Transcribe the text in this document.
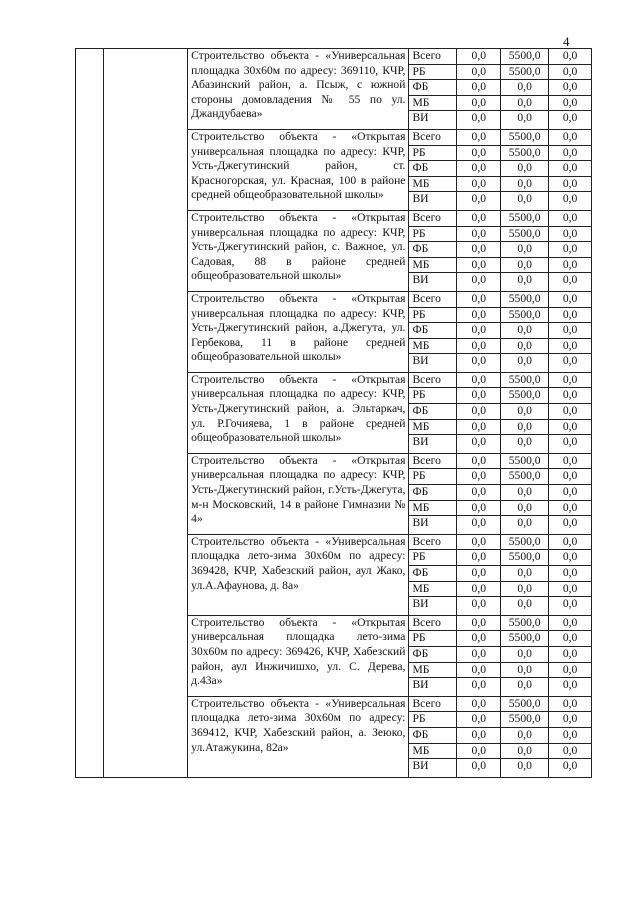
4
		Строительство объекта - «Универсальная площадка 30х60м по адресу: 369110, КЧР, Абазинский район, а. Псыж, с южной стороны домовладения № 55 по ул. Джандубаева»	Всего	0,0	5500,0	0,0
			РБ	0,0	5500,0	0,0
			ФБ	0,0	0,0	0,0
			МБ	0,0	0,0	0,0
			ВИ	0,0	0,0	0,0
		Строительство объекта - «Открытая универсальная площадка по адресу: КЧР, Усть-Джегутинский район, ст. Красногорская, ул. Красная, 100 в районе средней общеобразовательной школы»	Всего	0,0	5500,0	0,0
			РБ	0,0	5500,0	0,0
			ФБ	0,0	0,0	0,0
			МБ	0,0	0,0	0,0
			ВИ	0,0	0,0	0,0
		Строительство объекта - «Открытая универсальная площадка по адресу: КЧР, Усть-Джегутинский район, с. Важное, ул. Садовая, 88 в районе средней общеобразовательной школы»	Всего	0,0	5500,0	0,0
			РБ	0,0	5500,0	0,0
			ФБ	0,0	0,0	0,0
			МБ	0,0	0,0	0,0
			ВИ	0,0	0,0	0,0
		Строительство объекта - «Открытая универсальная площадка по адресу: КЧР, Усть-Джегутинский район, а.Джегута, ул. Гербекова, 11 в районе средней общеобразовательной школы»	Всего	0,0	5500,0	0,0
			РБ	0,0	5500,0	0,0
			ФБ	0,0	0,0	0,0
			МБ	0,0	0,0	0,0
			ВИ	0,0	0,0	0,0
		Строительство объекта - «Открытая универсальная площадка по адресу: КЧР, Усть-Джегутинский район, а. Эльтаркач, ул. Р.Гочияева, 1 в районе средней общеобразовательной школы»	Всего	0,0	5500,0	0,0
			РБ	0,0	5500,0	0,0
			ФБ	0,0	0,0	0,0
			МБ	0,0	0,0	0,0
			ВИ	0,0	0,0	0,0
		Строительство объекта - «Открытая универсальная площадка по адресу: КЧР, Усть-Джегутинский район, г.Усть-Джегута, м-н Московский, 14 в районе Гимназии № 4»	Всего	0,0	5500,0	0,0
			РБ	0,0	5500,0	0,0
			ФБ	0,0	0,0	0,0
			МБ	0,0	0,0	0,0
			ВИ	0,0	0,0	0,0
		Строительство объекта - «Универсальная площадка лето-зима 30х60м по адресу: 369428, КЧР, Хабезский район, аул Жако, ул.А.Афаунова, д. 8а»	Всего	0,0	5500,0	0,0
			РБ	0,0	5500,0	0,0
			ФБ	0,0	0,0	0,0
			МБ	0,0	0,0	0,0
			ВИ	0,0	0,0	0,0
		Строительство объекта - «Открытая универсальная площадка лето-зима 30х60м по адресу: 369426, КЧР, Хабезский район, аул Инжичишхо, ул. С. Дерева, д.43а»	Всего	0,0	5500,0	0,0
			РБ	0,0	5500,0	0,0
			ФБ	0,0	0,0	0,0
			МБ	0,0	0,0	0,0
			ВИ	0,0	0,0	0,0
		Строительство объекта - «Универсальная площадка лето-зима 30х60м по адресу: 369412, КЧР, Хабезский район, а. Зеюко, ул.Атажукина, 82а»	Всего	0,0	5500,0	0,0
			РБ	0,0	5500,0	0,0
			ФБ	0,0	0,0	0,0
			МБ	0,0	0,0	0,0
			ВИ	0,0	0,0	0,0
